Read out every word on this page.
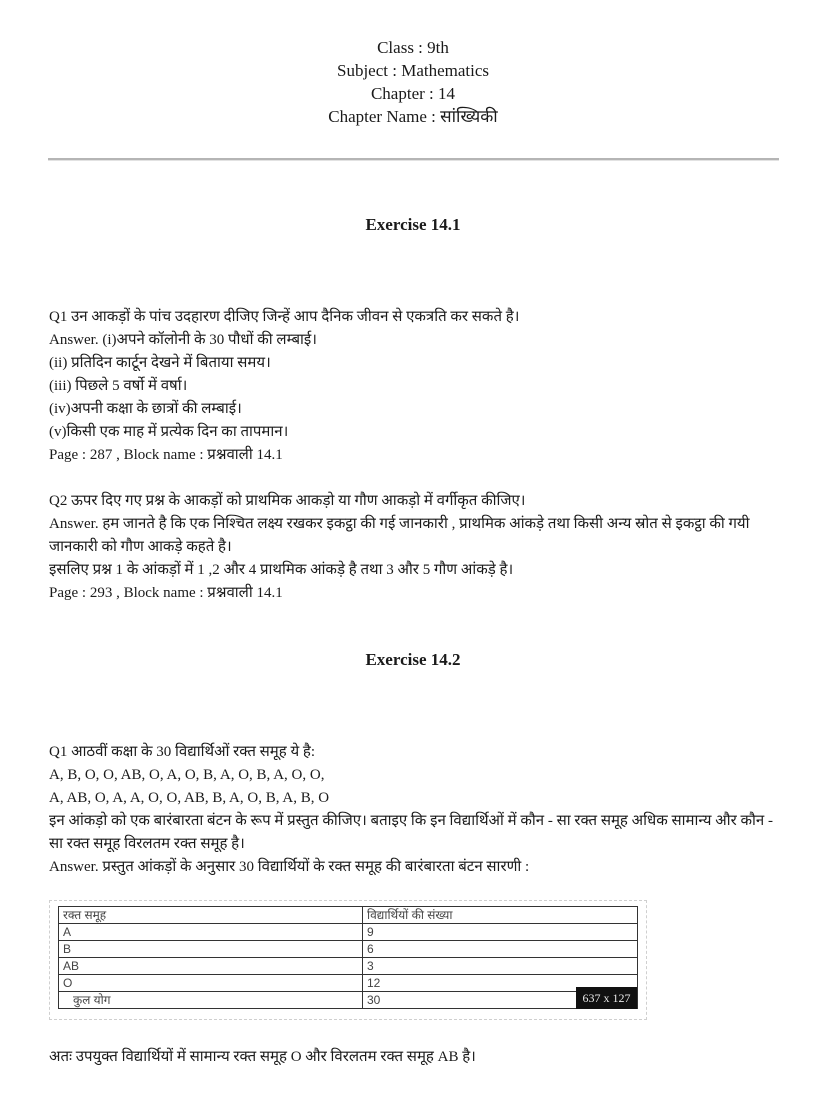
Class : 9th
Subject : Mathematics
Chapter : 14
Chapter Name : सांख्यिकी
Exercise 14.1

Q1 उन आकड़ों के पांच उदहारण दीजिए जिन्हें आप दैनिक जीवन से एकत्रति कर सकते है।

Answer. (i)अपने कॉलोनी के 30 पौधों की लम्बाई।

(ii) प्रतिदिन कार्टून देखने में बिताया समय।

(iii) पिछले 5 वर्षो में वर्षा।

(iv)अपनी कक्षा के छात्रों की लम्बाई।

(v)किसी एक माह में प्रत्येक दिन का तापमान।

Page : 287 , Block name : प्रश्नवाली 14.1

Q2 ऊपर दिए गए प्रश्न के आकड़ों को प्राथमिक आकड़ो या गौण आकड़ो में वर्गीकृत कीजिए।

Answer. हम जानते है कि एक निश्चित लक्ष्य रखकर इकट्ठा की गई जानकारी , प्राथमिक आंकड़े तथा किसी अन्य स्रोत से इकट्ठा की गयी जानकारी को गौण आकड़े कहते है।

इसलिए प्रश्न 1 के आंकड़ों में 1 ,2 और 4 प्राथमिक आंकड़े है तथा 3 और 5 गौण आंकड़े है।

Page : 293 , Block name : प्रश्नवाली 14.1

Exercise 14.2

Q1 आठवीं कक्षा के 30 विद्यार्थिओं रक्त समूह ये है:

A, B, O, O, AB, O, A, O, B, A, O, B, A, O, O,

A, AB, O, A, A, O, O, AB, B, A, O, B, A, B, O

इन आंकड़ो को एक बारंबारता बंटन के रूप में प्रस्तुत कीजिए। बताइए कि इन विद्यार्थिओं में कौन - सा रक्त समूह अधिक सामान्य और कौन - सा रक्त समूह विरलतम रक्त समूह है।

Answer. प्रस्तुत आंकड़ों के अनुसार 30 विद्यार्थियों के रक्त समूह की बारंबारता बंटन सारणी :

रक्त समूह	विद्यार्थियों की संख्या
A	9
B	6
AB	3
O	12
कुल योग	30	637 x 127

अतः उपयुक्त विद्यार्थियों में सामान्य रक्त समूह O और विरलतम रक्त समूह AB है।
